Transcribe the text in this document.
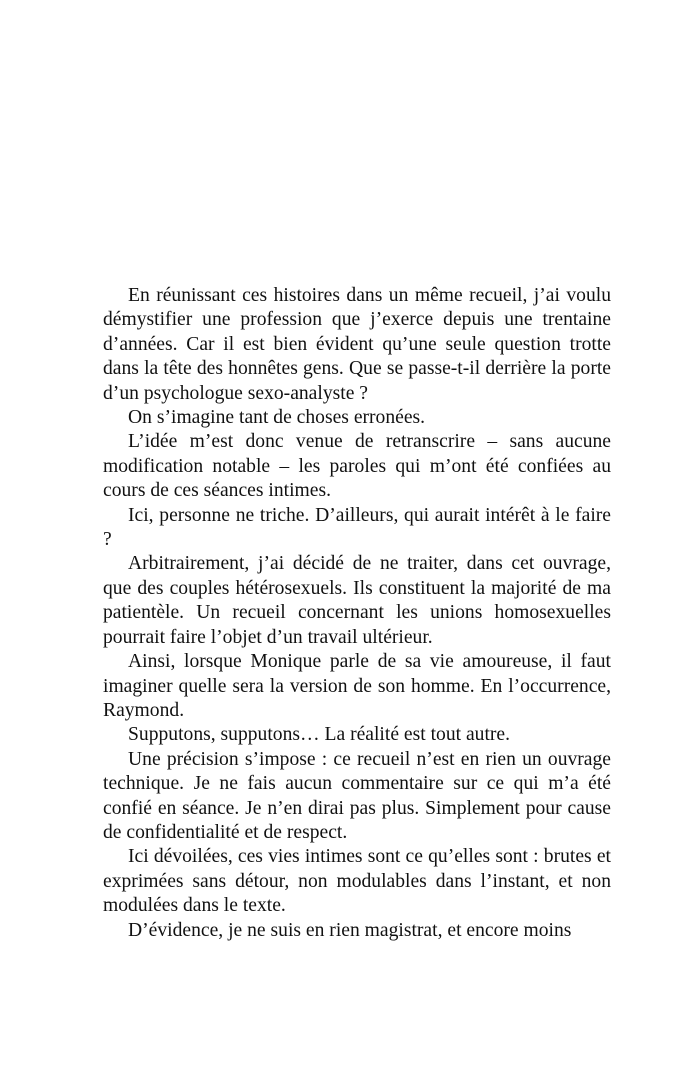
En réunissant ces histoires dans un même recueil, j’ai voulu démystifier une profession que j’exerce depuis une trentaine d’années. Car il est bien évident qu’une seule question trotte dans la tête des honnêtes gens. Que se passe-t-il derrière la porte d’un psychologue sexo-analyste ?

On s’imagine tant de choses erronées.

L’idée m’est donc venue de retranscrire – sans aucune modification notable – les paroles qui m’ont été confiées au cours de ces séances intimes.

Ici, personne ne triche. D’ailleurs, qui aurait intérêt à le faire ?

Arbitrairement, j’ai décidé de ne traiter, dans cet ouvrage, que des couples hétérosexuels. Ils constituent la majorité de ma patientèle. Un recueil concernant les unions homosexuelles pourrait faire l’objet d’un travail ultérieur.

Ainsi, lorsque Monique parle de sa vie amoureuse, il faut imaginer quelle sera la version de son homme. En l’occurrence, Raymond.

Supputons, supputons… La réalité est tout autre.

Une précision s’impose : ce recueil n’est en rien un ouvrage technique. Je ne fais aucun commentaire sur ce qui m’a été confié en séance. Je n’en dirai pas plus. Simplement pour cause de confidentialité et de respect.

Ici dévoilées, ces vies intimes sont ce qu’elles sont : brutes et exprimées sans détour, non modulables dans l’instant, et non modulées dans le texte.

D’évidence, je ne suis en rien magistrat, et encore moins
